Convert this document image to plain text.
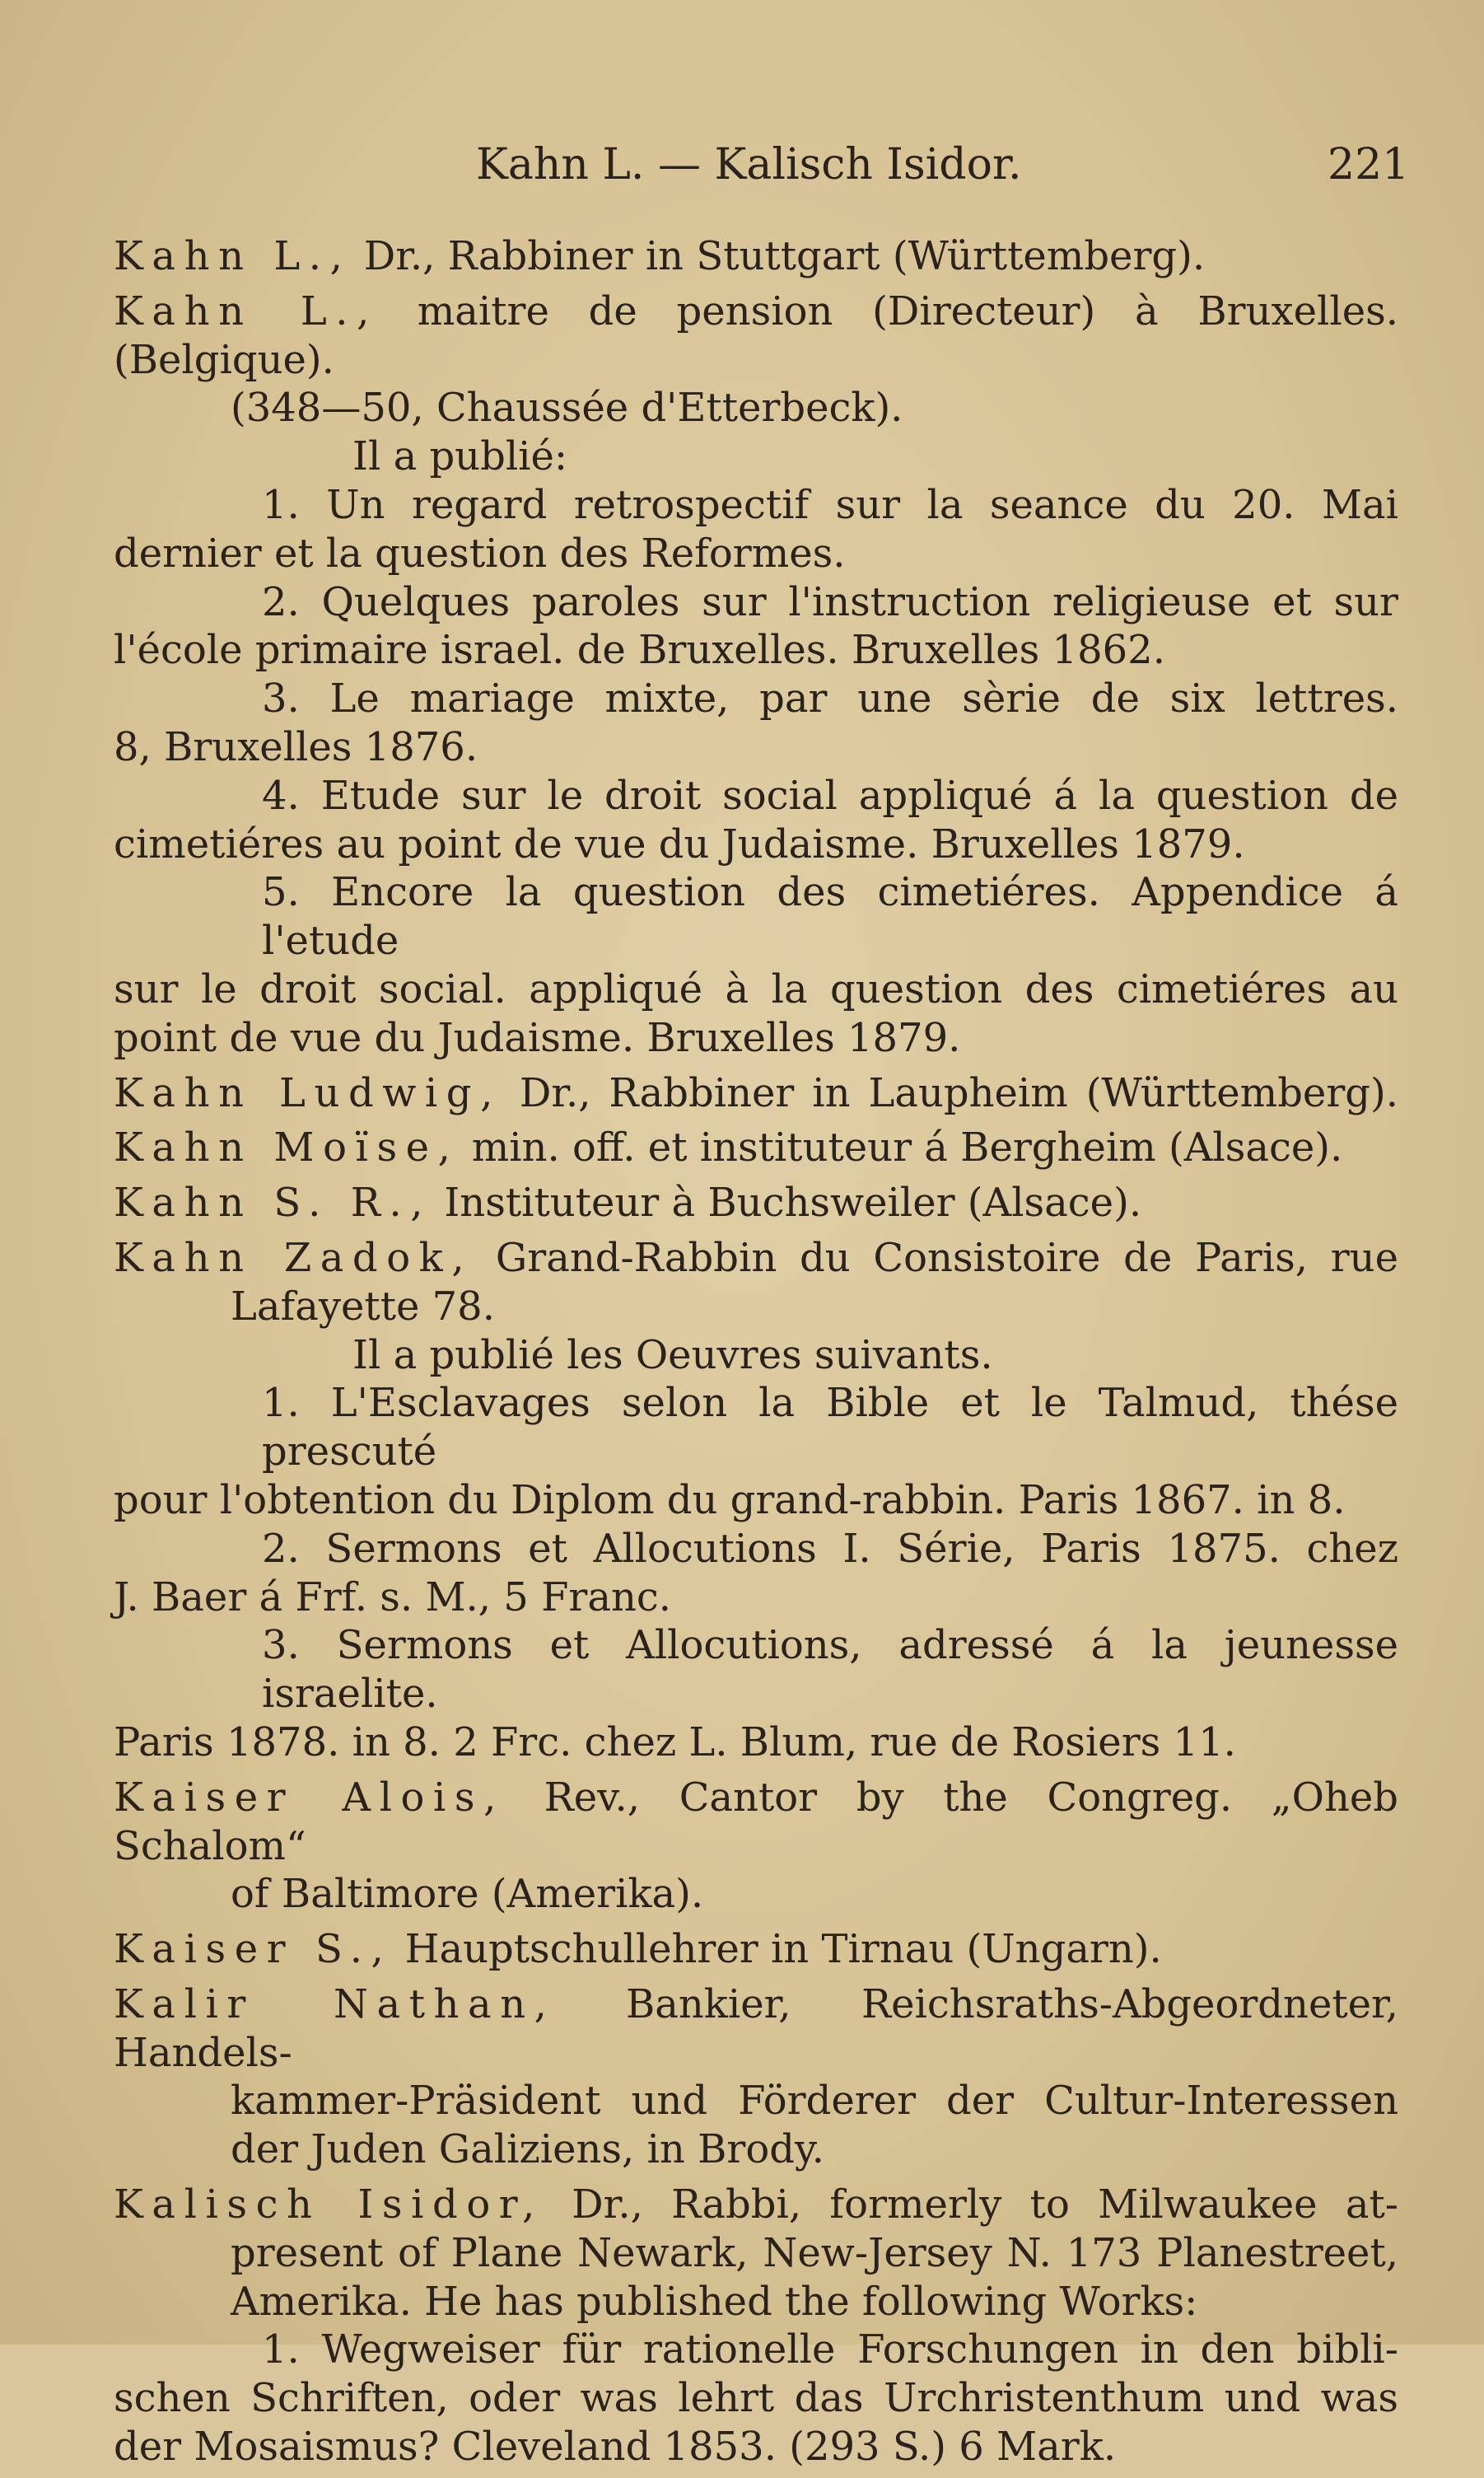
Kahn L. — Kalisch Isidor.	221
Kahn L., Dr., Rabbiner in Stuttgart (Württemberg).
Kahn L., maitre de pension (Directeur) à Bruxelles. (Belgique).
(348—50, Chaussée d'Etterbeck).
Il a publié:
1. Un regard retrospectif sur la seance du 20. Mai
dernier et la question des Reformes.
2. Quelques paroles sur l'instruction religieuse et sur
l'école primaire israel. de Bruxelles. Bruxelles 1862.
3. Le mariage mixte, par une sèrie de six lettres.
8, Bruxelles 1876.
4. Etude sur le droit social appliqué á la question de
cimetiéres au point de vue du Judaisme. Bruxelles 1879.
5. Encore la question des cimetiéres. Appendice á l'etude
sur le droit social. appliqué à la question des cimetiéres au
point de vue du Judaisme. Bruxelles 1879.
Kahn Ludwig, Dr., Rabbiner in Laupheim (Württemberg).
Kahn Moïse, min. off. et instituteur á Bergheim (Alsace).
Kahn S. R., Instituteur à Buchsweiler (Alsace).
Kahn Zadok, Grand-Rabbin du Consistoire de Paris, rue
Lafayette 78.
Il a publié les Oeuvres suivants.
1. L'Esclavages selon la Bible et le Talmud, thése prescuté
pour l'obtention du Diplom du grand-rabbin. Paris 1867. in 8.
2. Sermons et Allocutions I. Série, Paris 1875. chez
J. Baer á Frf. s. M., 5 Franc.
3. Sermons et Allocutions, adressé á la jeunesse israelite.
Paris 1878. in 8. 2 Frc. chez L. Blum, rue de Rosiers 11.
Kaiser Alois, Rev., Cantor by the Congreg. „Oheb Schalom“
of Baltimore (Amerika).
Kaiser S., Hauptschullehrer in Tirnau (Ungarn).
Kalir Nathan, Bankier, Reichsraths-Abgeordneter, Handels-
kammer-Präsident und Förderer der Cultur-Interessen
der Juden Galiziens, in Brody.
Kalisch Isidor, Dr., Rabbi, formerly to Milwaukee at-
present of Plane Newark, New-Jersey N. 173 Planestreet,
Amerika. He has published the following Works:
1. Wegweiser für rationelle Forschungen in den bibli-
schen Schriften, oder was lehrt das Urchristenthum und was
der Mosaismus? Cleveland 1853. (293 S.) 6 Mark.
